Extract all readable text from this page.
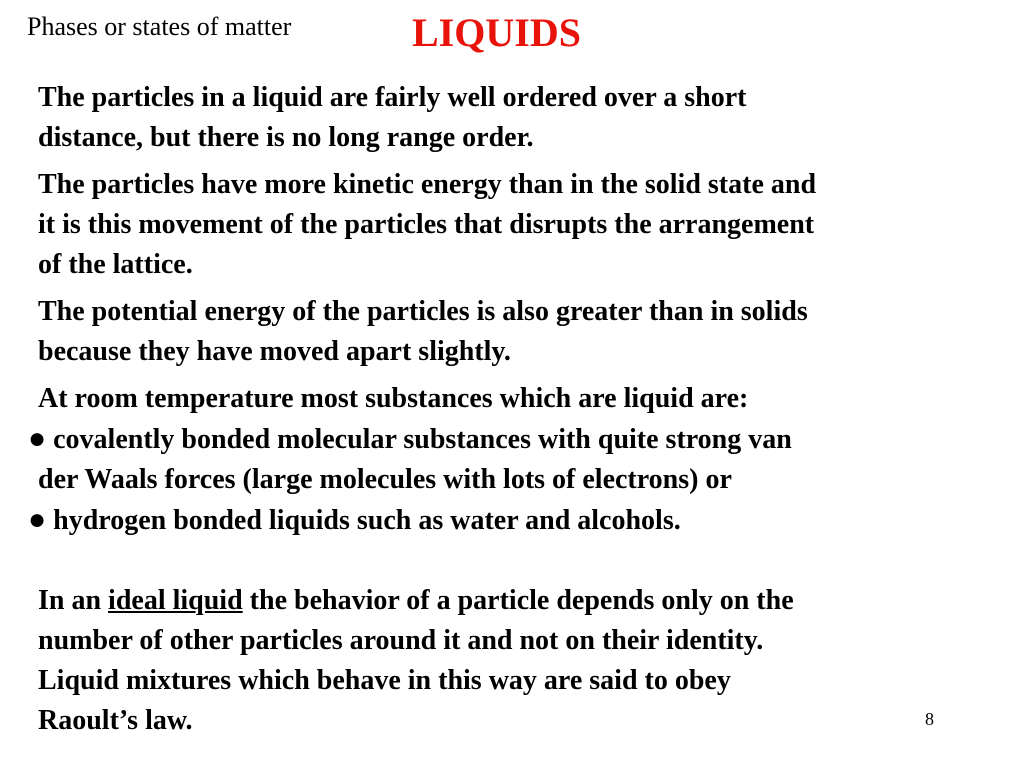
Phases or states of matter	LIQUIDS
The particles in a liquid are fairly well ordered over a short
distance, but there is no long range order.
The particles have more kinetic energy than in the solid state and
it is this movement of the particles that disrupts the arrangement
of the lattice.
The potential energy of the particles is also greater than in solids
because they have moved apart slightly.
At room temperature most substances which are liquid are:
● covalently bonded molecular substances with quite strong van
der Waals forces (large molecules with lots of electrons) or
● hydrogen bonded liquids such as water and alcohols.
In an ideal liquid the behavior of a particle depends only on the
number of other particles around it and not on their identity.
Liquid mixtures which behave in this way are said to obey
Raoult’s law.	8
